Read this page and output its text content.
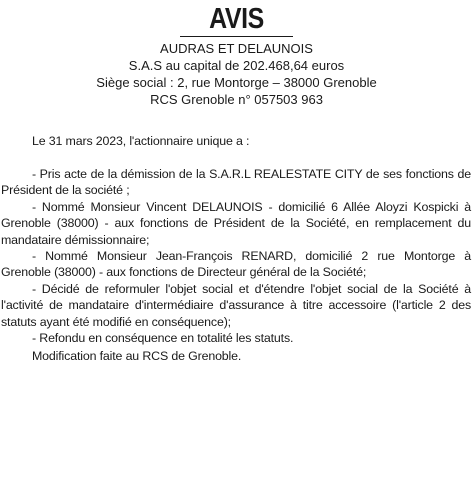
AVIS
AUDRAS ET DELAUNOIS
S.A.S au capital de 202.468,64 euros
Siège social : 2, rue Montorge – 38000 Grenoble
RCS Grenoble n° 057503 963

Le 31 mars 2023, l'actionnaire unique a :

- Pris acte de la démission de la S.A.R.L REALESTATE CITY de ses fonctions de Président de la société ;

- Nommé Monsieur Vincent DELAUNOIS - domicilié 6 Allée Aloyzi Kospicki à Grenoble (38000) - aux fonctions de Président de la Société, en remplacement du mandataire démissionnaire;

- Nommé Monsieur Jean-François RENARD, domicilié 2 rue Montorge à Grenoble (38000) - aux fonctions de Directeur général de la Société;

- Décidé de reformuler l'objet social et d'étendre l'objet social de la Société à l'activité de mandataire d'intermédiaire d'assurance à titre accessoire (l'article 2 des statuts ayant été modifié en conséquence);

- Refondu en conséquence en totalité les statuts.

Modification faite au RCS de Grenoble.
